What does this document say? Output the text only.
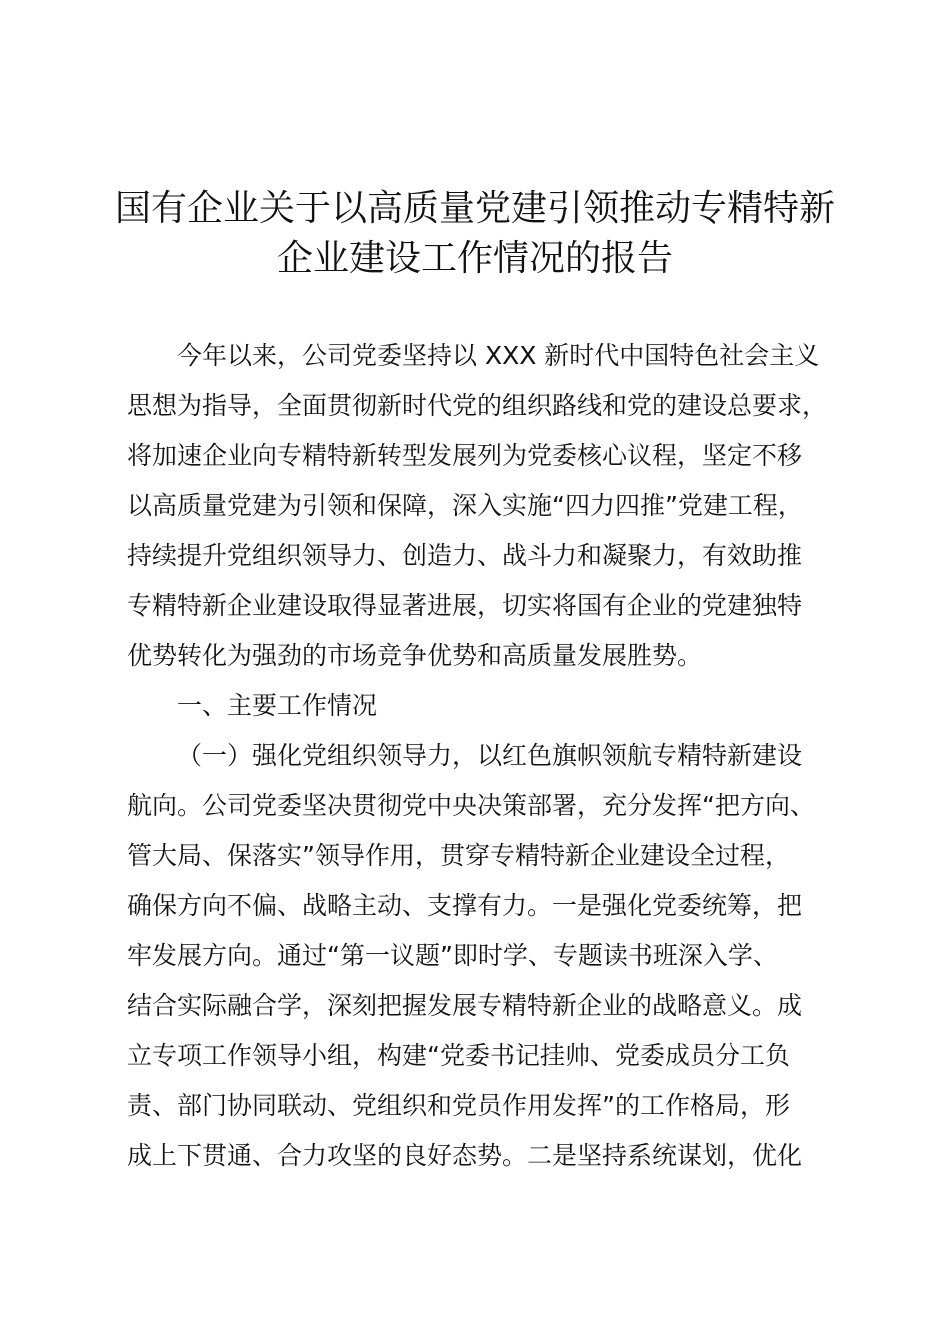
国有企业关于以高质量党建引领推动专精特新
企业建设工作情况的报告

今年以来，公司党委坚持以 XXX 新时代中国特色社会主义

思想为指导，全面贯彻新时代党的组织路线和党的建设总要求，

将加速企业向专精特新转型发展列为党委核心议程，坚定不移

以高质量党建为引领和保障，深入实施“四力四推”党建工程，

持续提升党组织领导力、创造力、战斗力和凝聚力，有效助推

专精特新企业建设取得显著进展，切实将国有企业的党建独特

优势转化为强劲的市场竞争优势和高质量发展胜势。

一、主要工作情况

（一）强化党组织领导力，以红色旗帜领航专精特新建设

航向。公司党委坚决贯彻党中央决策部署，充分发挥“把方向、

管大局、保落实”领导作用，贯穿专精特新企业建设全过程，

确保方向不偏、战略主动、支撑有力。一是强化党委统筹，把

牢发展方向。通过“第一议题”即时学、专题读书班深入学、

结合实际融合学，深刻把握发展专精特新企业的战略意义。成

立专项工作领导小组，构建“党委书记挂帅、党委成员分工负

责、部门协同联动、党组织和党员作用发挥”的工作格局，形

成上下贯通、合力攻坚的良好态势。二是坚持系统谋划，优化
